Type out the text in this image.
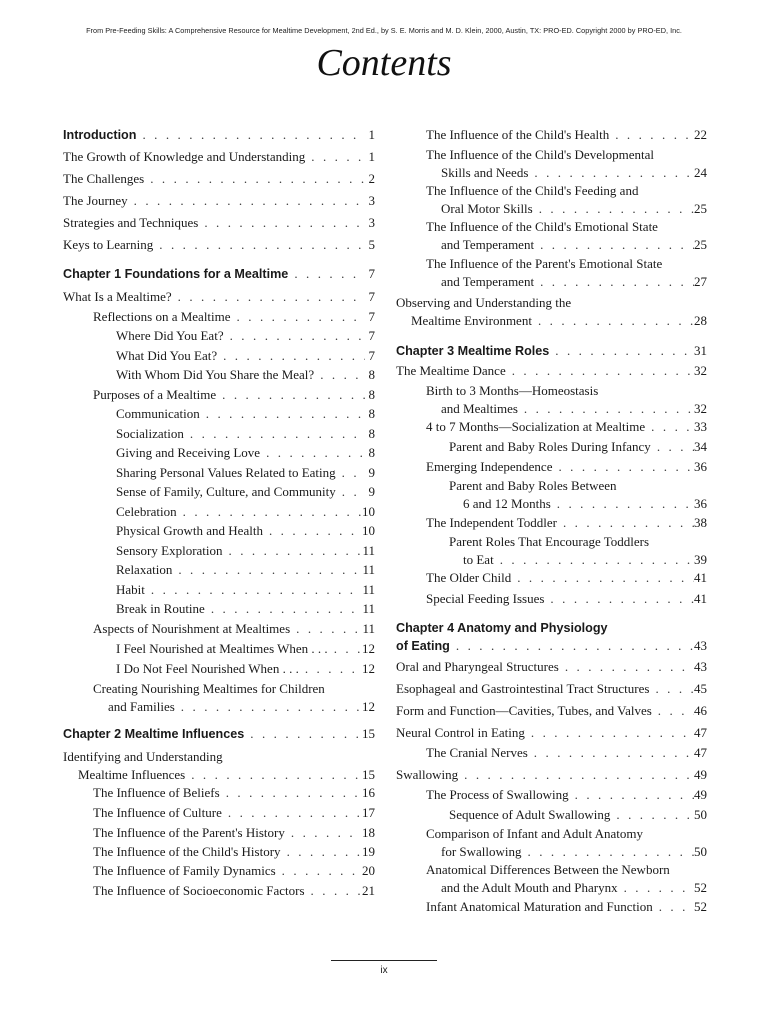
From Pre-Feeding Skills: A Comprehensive Resource for Mealtime Development, 2nd Ed., by S. E. Morris and M. D. Klein, 2000, Austin, TX: PRO-ED. Copyright 2000 by PRO-ED, Inc.
Contents
Introduction . . .	1
The Growth of Knowledge and Understanding . . .	1
The Challenges . . .	2
The Journey . . .	3
Strategies and Techniques . . .	3
Keys to Learning . . .	5
Chapter 1 Foundations for a Mealtime . . .	7
What Is a Mealtime? . . .	7
Reflections on a Mealtime . . .	7
Where Did You Eat? . . .	7
What Did You Eat? . . .	7
With Whom Did You Share the Meal? . . .	8
Purposes of a Mealtime . . .	8
Communication . . .	8
Socialization . . .	8
Giving and Receiving Love . . .	8
Sharing Personal Values Related to Eating . . .	9
Sense of Family, Culture, and Community . . .	9
Celebration . . .	10
Physical Growth and Health . . .	10
Sensory Exploration . . .	11
Relaxation . . .	11
Habit . . .	11
Break in Routine . . .	11
Aspects of Nourishment at Mealtimes . . .	11
I Feel Nourished at Mealtimes When . . . . . .	12
I Do Not Feel Nourished When . . . . . .	12
Creating Nourishing Mealtimes for Children
and Families . . .	12
Chapter 2 Mealtime Influences . . .	15
Identifying and Understanding
Mealtime Influences . . .	15
The Influence of Beliefs . . .	16
The Influence of Culture . . .	17
The Influence of the Parent's History . . .	18
The Influence of the Child's History . . .	19
The Influence of Family Dynamics . . .	20
The Influence of Socioeconomic Factors . . .	21
The Influence of the Child's Health . . .	22
The Influence of the Child's Developmental
Skills and Needs . . .	24
The Influence of the Child's Feeding and
Oral Motor Skills . . .	25
The Influence of the Child's Emotional State
and Temperament . . .	25
The Influence of the Parent's Emotional State
and Temperament . . .	27
Observing and Understanding the
Mealtime Environment . . .	28
Chapter 3 Mealtime Roles . . .	31
The Mealtime Dance . . .	32
Birth to 3 Months—Homeostasis
and Mealtimes . . .	32
4 to 7 Months—Socialization at Mealtime . . .	33
Parent and Baby Roles During Infancy . . .	34
Emerging Independence . . .	36
Parent and Baby Roles Between
6 and 12 Months . . .	36
The Independent Toddler . . .	38
Parent Roles That Encourage Toddlers
to Eat . . .	39
The Older Child . . .	41
Special Feeding Issues . . .	41
Chapter 4 Anatomy and Physiology
of Eating . . .	43
Oral and Pharyngeal Structures . . .	43
Esophageal and Gastrointestinal Tract Structures . . .	45
Form and Function—Cavities, Tubes, and Valves . . .	46
Neural Control in Eating . . .	47
The Cranial Nerves . . .	47
Swallowing . . .	49
The Process of Swallowing . . .	49
Sequence of Adult Swallowing . . .	50
Comparison of Infant and Adult Anatomy
for Swallowing . . .	50
Anatomical Differences Between the Newborn
and the Adult Mouth and Pharynx . . .	52
Infant Anatomical Maturation and Function . . .	52
ix
